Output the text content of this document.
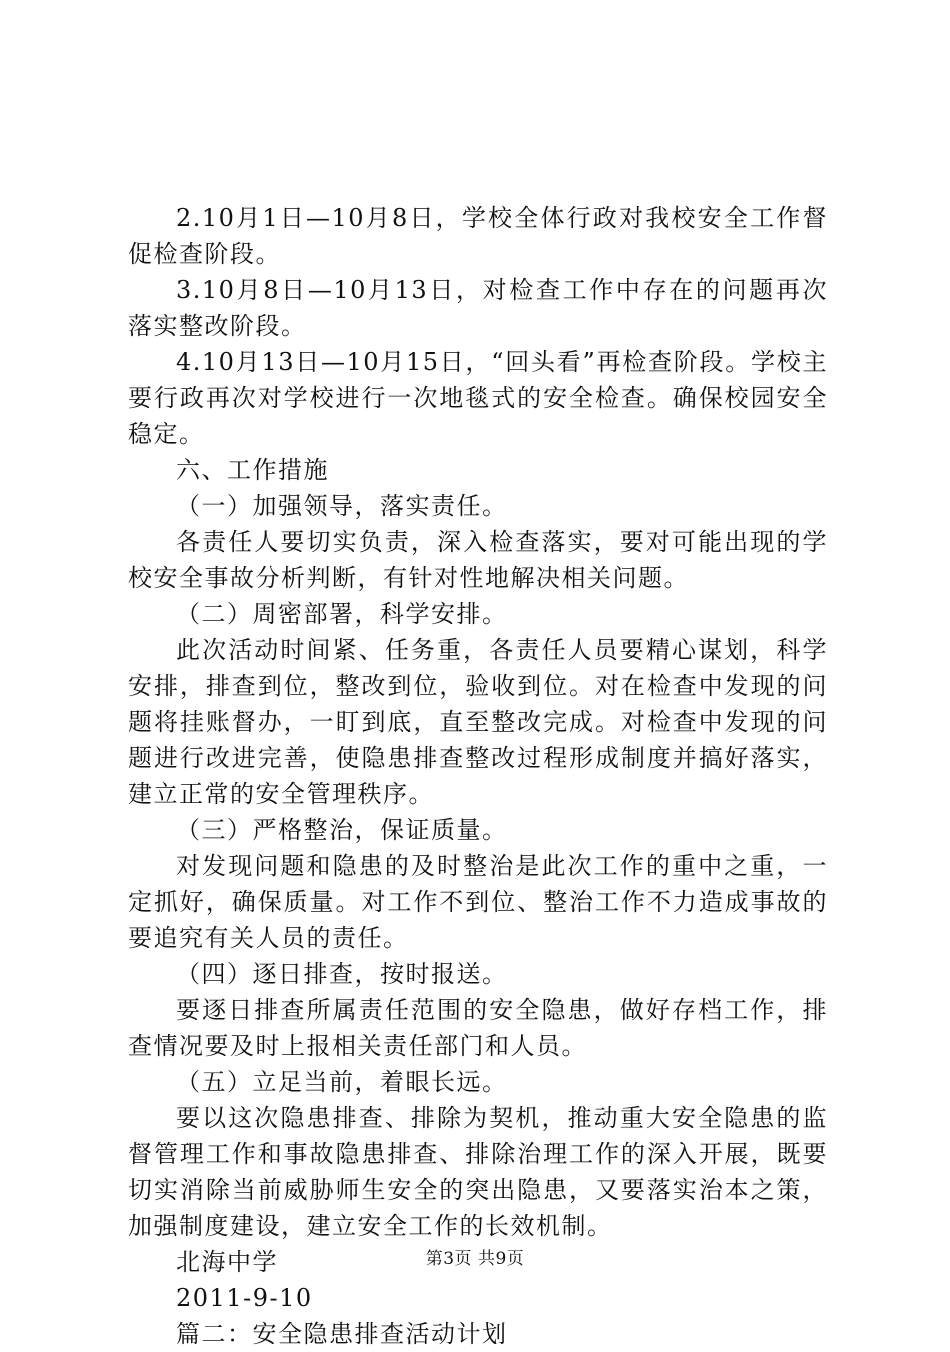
2.10月1日—10月8日，学校全体行政对我校安全工作督促检查阶段。

3.10月8日—10月13日，对检查工作中存在的问题再次落实整改阶段。

4.10月13日—10月15日，“回头看”再检查阶段。学校主要行政再次对学校进行一次地毯式的安全检查。确保校园安全稳定。

六、工作措施

（一）加强领导，落实责任。

各责任人要切实负责，深入检查落实，要对可能出现的学校安全事故分析判断，有针对性地解决相关问题。

（二）周密部署，科学安排。

此次活动时间紧、任务重，各责任人员要精心谋划，科学安排，排查到位，整改到位，验收到位。对在检查中发现的问题将挂账督办，一盯到底，直至整改完成。对检查中发现的问题进行改进完善，使隐患排查整改过程形成制度并搞好落实，建立正常的安全管理秩序。

（三）严格整治，保证质量。

对发现问题和隐患的及时整治是此次工作的重中之重，一定抓好，确保质量。对工作不到位、整治工作不力造成事故的要追究有关人员的责任。

（四）逐日排查，按时报送。

要逐日排查所属责任范围的安全隐患，做好存档工作，排查情况要及时上报相关责任部门和人员。

（五）立足当前，着眼长远。

要以这次隐患排查、排除为契机，推动重大安全隐患的监督管理工作和事故隐患排查、排除治理工作的深入开展，既要切实消除当前威胁师生安全的突出隐患，又要落实治本之策，加强制度建设，建立安全工作的长效机制。

北海中学

2011-9-10

篇二：安全隐患排查活动计划

第3页 共9页
